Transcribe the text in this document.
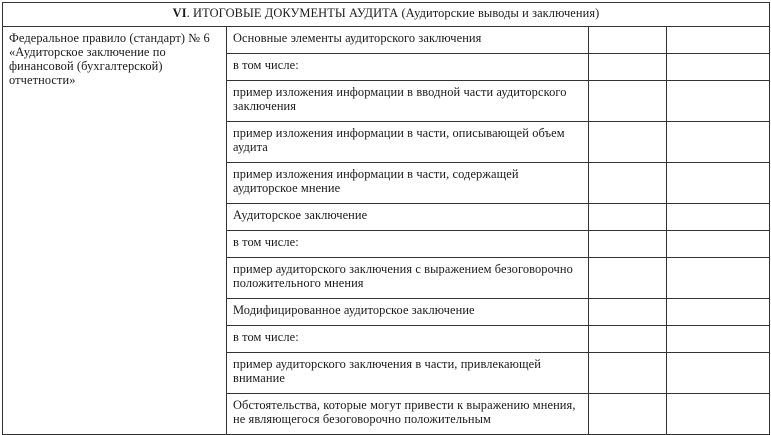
VI. ИТОГОВЫЕ ДОКУМЕНТЫ АУДИТА (Аудиторские выводы и заключения)			
Федеральное правило (стандарт) № 6 «Аудиторское заключение по финансовой (бухгалтерской) отчетности»	Основные элементы аудиторского заключения		
	в том числе:		
	пример изложения информации в вводной части аудиторского заключения		
	пример изложения информации в части, описывающей объем аудита		
	пример изложения информации в части, содержащей аудиторское мнение		
	Аудиторское заключение		
	в том числе:		
	пример аудиторского заключения с выражением безоговорочно положительного мнения		
	Модифицированное аудиторское заключение		
	в том числе:		
	пример аудиторского заключения в части, привлекающей внимание		
	Обстоятельства, которые могут привести к выражению мнения, не являющегося безоговорочно положительным		
